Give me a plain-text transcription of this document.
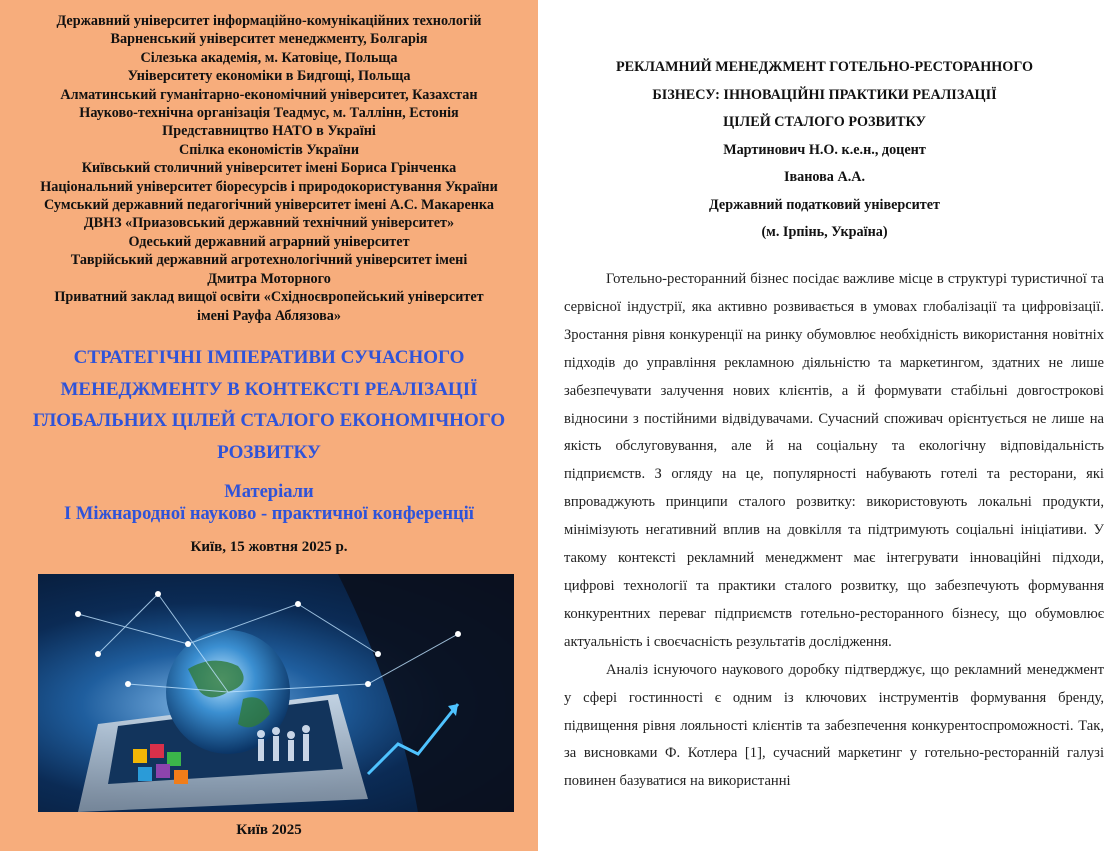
Державний університет інформаційно-комунікаційних технологій
Варненський університет менеджменту, Болгарія
Сілезька академія, м. Катовіце, Польща
Університету економіки в Бидгощі, Польща
Алматинський гуманітарно-економічний університет, Казахстан
Науково-технічна організація Теадмус, м. Таллінн, Естонія
Представництво НАТО в Україні
Спілка економістів України
Київський столичний університет імені Бориса Грінченка
Національний університет біоресурсів і природокористування України
Сумський державний педагогічний університет імені А.С. Макаренка
ДВНЗ «Приазовський державний технічний університет»
Одеський державний аграрний університет
Таврійський державний агротехнологічний університет імені
Дмитра Моторного
Приватний заклад вищої освіти «Східноєвропейський університет
імені Рауфа Аблязова»
СТРАТЕГІЧНІ ІМПЕРАТИВИ СУЧАСНОГО
МЕНЕДЖМЕНТУ В КОНТЕКСТІ РЕАЛІЗАЦІЇ
ГЛОБАЛЬНИХ ЦІЛЕЙ СТАЛОГО ЕКОНОМІЧНОГО
РОЗВИТКУ
Матеріали
І Міжнародної науково - практичної конференції
Київ, 15 жовтня 2025 р.
Київ 2025
РЕКЛАМНИЙ МЕНЕДЖМЕНТ ГОТЕЛЬНО-РЕСТОРАННОГО
БІЗНЕСУ: ІННОВАЦІЙНІ ПРАКТИКИ РЕАЛІЗАЦІЇ
ЦІЛЕЙ СТАЛОГО РОЗВИТКУ
Мартинович Н.О. к.е.н., доцент
Іванова А.А.
Державний податковий університет
(м. Ірпінь, Україна)

Готельно-ресторанний бізнес посідає важливе місце в структурі туристичної та сервісної індустрії, яка активно розвивається в умовах глобалізації та цифровізації. Зростання рівня конкуренції на ринку обумовлює необхідність використання новітніх підходів до управління рекламною діяльністю та маркетингом, здатних не лише забезпечувати залучення нових клієнтів, а й формувати стабільні довгострокові відносини з постійними відвідувачами. Сучасний споживач орієнтується не лише на якість обслуговування, але й на соціальну та екологічну відповідальність підприємств. З огляду на це, популярності набувають готелі та ресторани, які впроваджують принципи сталого розвитку: використовують локальні продукти, мінімізують негативний вплив на довкілля та підтримують соціальні ініціативи. У такому контексті рекламний менеджмент має інтегрувати інноваційні підходи, цифрові технології та практики сталого розвитку, що забезпечують формування конкурентних переваг підприємств готельно-ресторанного бізнесу, що обумовлює актуальність і своєчасність результатів дослідження.

Аналіз існуючого наукового доробку підтверджує, що рекламний менеджмент у сфері гостинності є одним із ключових інструментів формування бренду, підвищення рівня лояльності клієнтів та забезпечення конкурентоспроможності. Так, за висновками Ф. Котлера [1], сучасний маркетинг у готельно-ресторанній галузі повинен базуватися на використанні
